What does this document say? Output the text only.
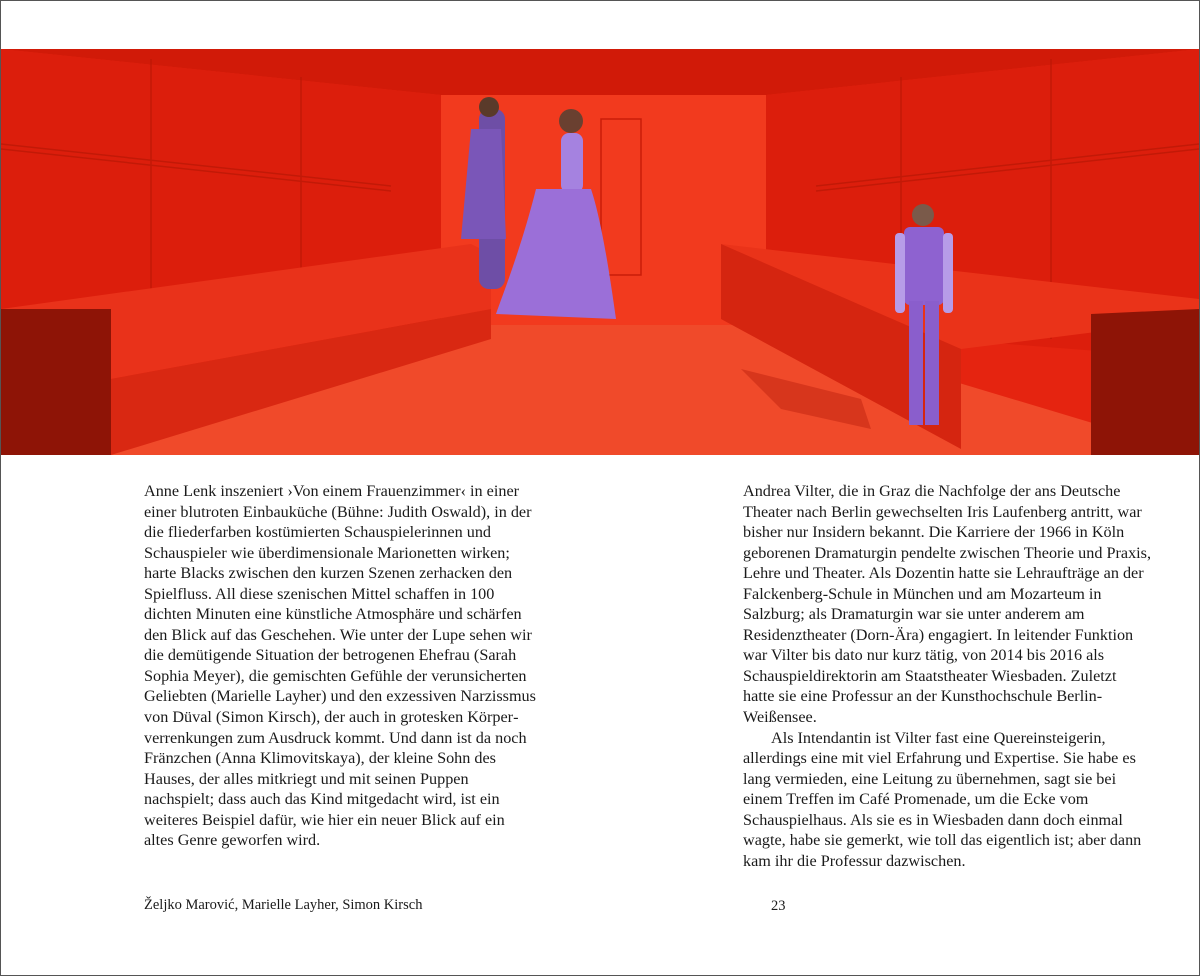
Anne Lenk inszeniert ›Von einem Frauenzimmer‹ in einer einer blutroten Einbauküche (Bühne: Judith Oswald), in der die fliederfarben kostümierten Schauspielerinnen und Schauspieler wie überdimensionale Marionetten wirken; harte Blacks zwischen den kurzen Szenen zerhacken den Spielfluss. All diese szenischen Mittel schaffen in 100 dichten Minuten eine künstliche Atmosphäre und schärfen den Blick auf das Geschehen. Wie unter der Lupe sehen wir die demütigende Situation der betrogenen Ehefrau (Sarah Sophia Meyer), die gemischten Gefühle der verunsicherten Geliebten (Marielle Layher) und den exzessiven Narzissmus von Düval (Simon Kirsch), der auch in grotesken Körperverrenkungen zum Ausdruck kommt. Und dann ist da noch Fränzchen (Anna Klimovitskaya), der kleine Sohn des Hauses, der alles mitkriegt und mit seinen Puppen nachspielt; dass auch das Kind mitgedacht wird, ist ein weiteres Beispiel dafür, wie hier ein neuer Blick auf ein altes Genre geworfen wird.

Andrea Vilter, die in Graz die Nachfolge der ans Deutsche Theater nach Berlin gewechselten Iris Laufenberg antritt, war bisher nur Insidern bekannt. Die Karriere der 1966 in Köln geborenen Dramaturgin pendelte zwischen Theorie und Praxis, Lehre und Theater. Als Dozentin hatte sie Lehraufträge an der Falckenberg-Schule in München und am Mozarteum in Salzburg; als Dramaturgin war sie unter anderem am Residenztheater (Dorn-Ära) engagiert. In leitender Funktion war Vilter bis dato nur kurz tätig, von 2014 bis 2016 als Schauspieldirektorin am Staatstheater Wiesbaden. Zuletzt hatte sie eine Professur an der Kunsthochschule Berlin-Weißensee.

Als Intendantin ist Vilter fast eine Quereinsteigerin, allerdings eine mit viel Erfahrung und Expertise. Sie habe es lang vermieden, eine Leitung zu übernehmen, sagt sie bei einem Treffen im Café Promenade, um die Ecke vom Schauspielhaus. Als sie es in Wiesbaden dann doch einmal wagte, habe sie gemerkt, wie toll das eigentlich ist; aber dann kam ihr die Professur dazwischen.

Željko Marović, Marielle Layher, Simon Kirsch	23
